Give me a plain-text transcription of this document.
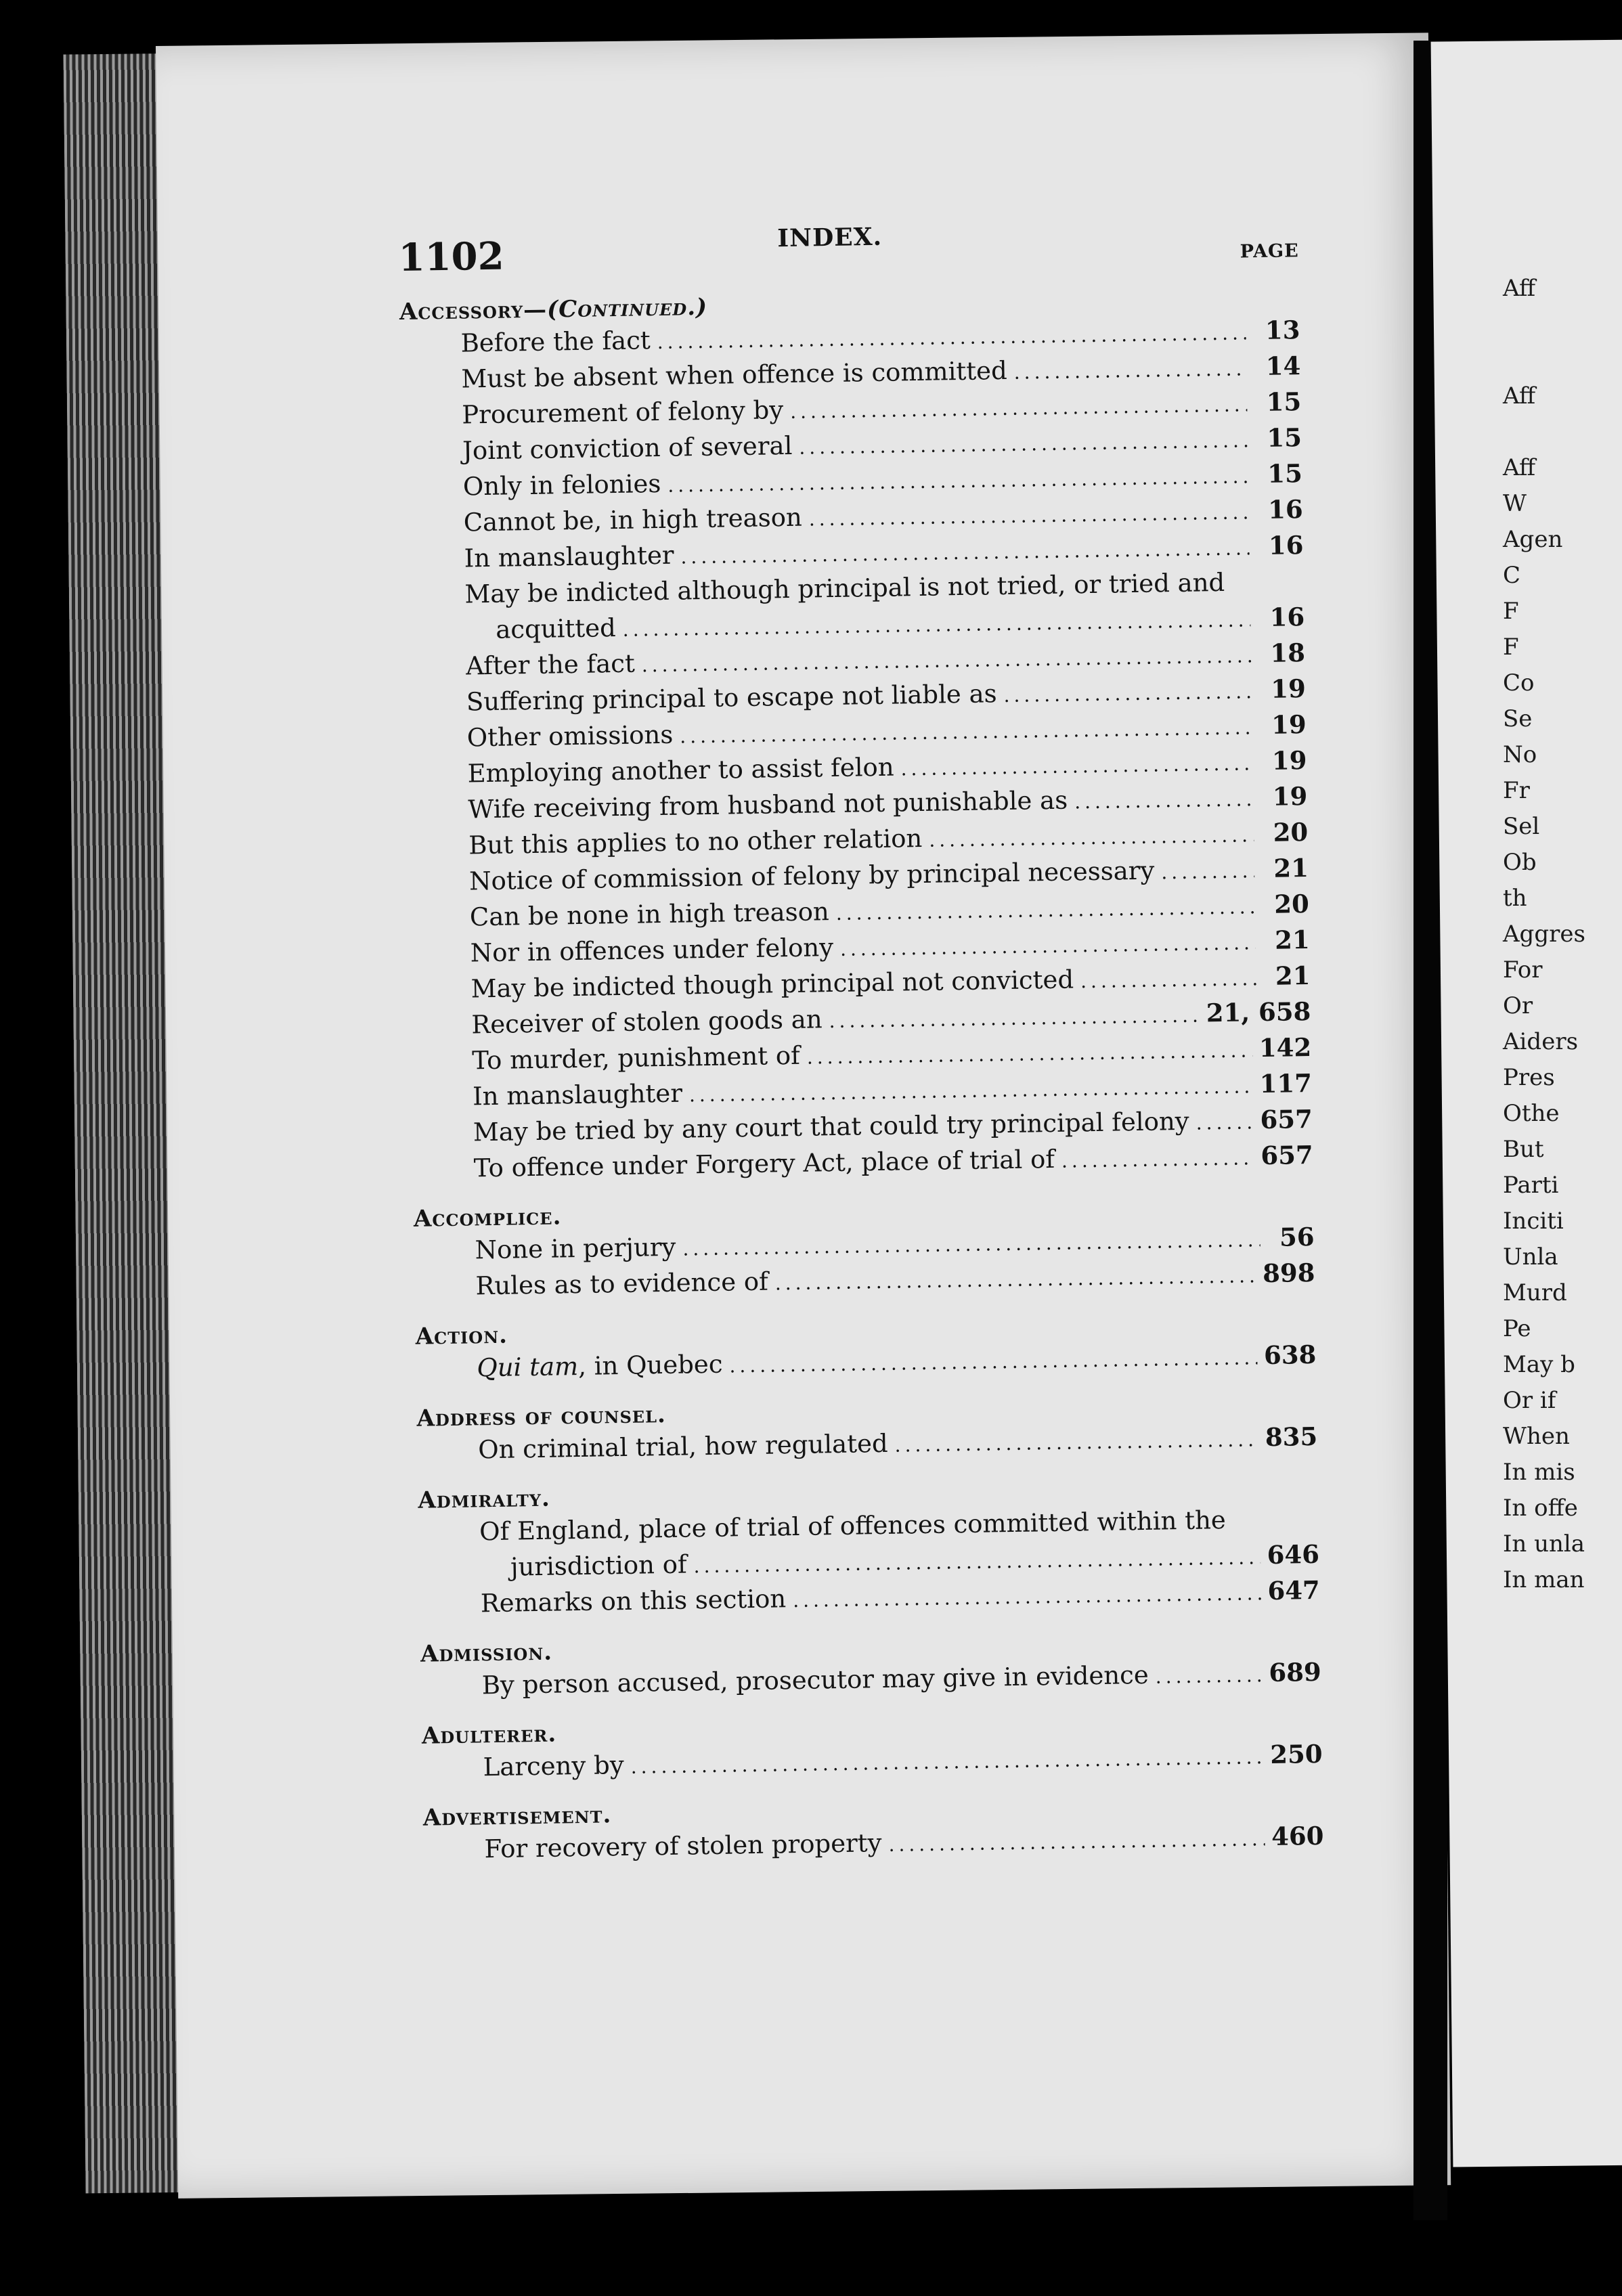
1102	INDEX.	PAGE
Accessory—(Continued.)
Before the fact .....	13
Must be absent when offence is committed .....	14
Procurement of felony by .....	15
Joint conviction of several .....	15
Only in felonies .....	15
Cannot be, in high treason .....	16
In manslaughter .....	16
May be indicted although principal is not tried, or tried and
acquitted .....	16
After the fact .....	18
Suffering principal to escape not liable as .....	19
Other omissions .....	19
Employing another to assist felon .....	19
Wife receiving from husband not punishable as .....	19
But this applies to no other relation .....	20
Notice of commission of felony by principal necessary .....	21
Can be none in high treason .....	20
Nor in offences under felony .....	21
May be indicted though principal not convicted .....	21
Receiver of stolen goods an .....	21, 658
To murder, punishment of .....	142
In manslaughter .....	117
May be tried by any court that could try principal felony .....	657
To offence under Forgery Act, place of trial of .....	657
Accomplice.
None in perjury .....	56
Rules as to evidence of .....	898
Action.
Qui tam, in Quebec .....	638
Address of counsel.
On criminal trial, how regulated .....	835
Admiralty.
Of England, place of trial of offences committed within the
jurisdiction of .....	646
Remarks on this section .....	647
Admission.
By person accused, prosecutor may give in evidence .....	689
Adulterer.
Larceny by .....	250
Advertisement.
For recovery of stolen property .....	460
Aff

Aff

Aff
W
Agen
C
F
F
Co
Se
No
Fr
Sel
Ob
th
Aggres
For
Or
Aiders
Pres
Othe
But
Parti
Inciti
Unla
Murd
Pe
May b
Or if
When
In mis
In offe
In unla
In man
